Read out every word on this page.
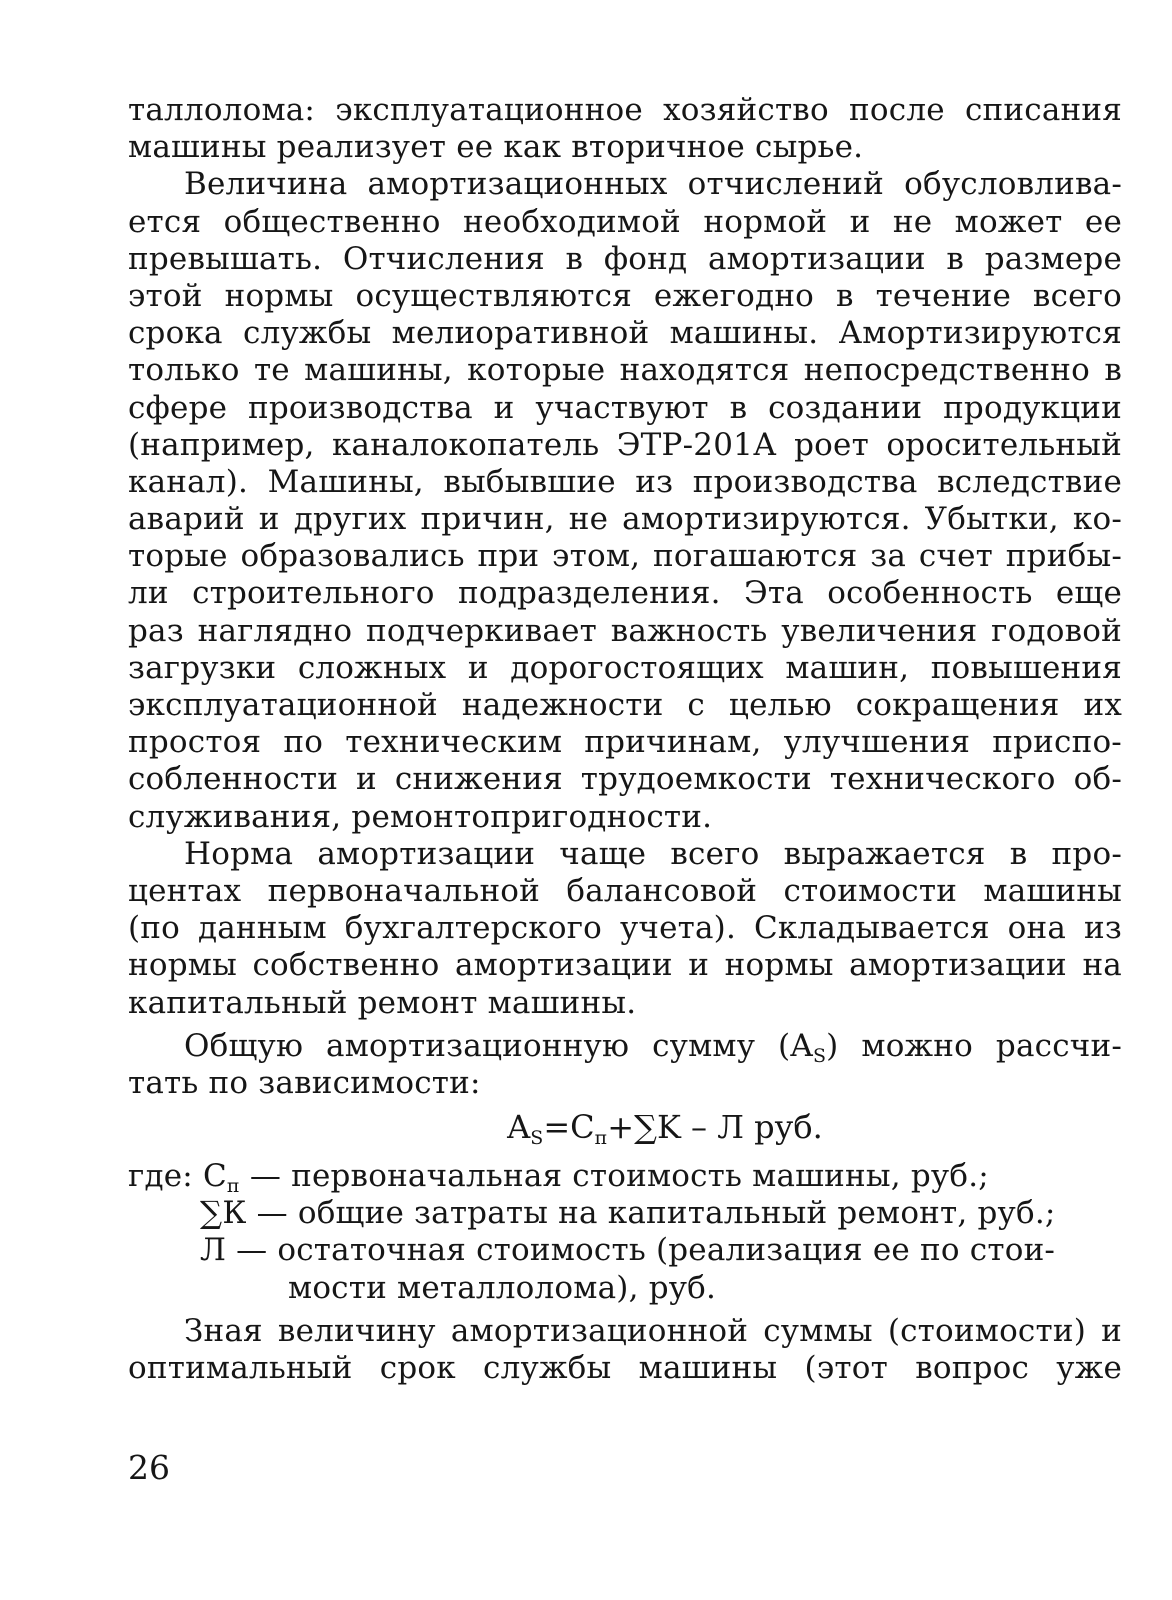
таллолома: эксплуатационное хозяйство после списания
машины реализует ее как вторичное сырье.
Величина амортизационных отчислений обусловлива-
ется общественно необходимой нормой и не может ее
превышать. Отчисления в фонд амортизации в размере
этой нормы осуществляются ежегодно в течение всего
срока службы мелиоративной машины. Амортизируются
только те машины, которые находятся непосредственно в
сфере производства и участвуют в создании продукции
(например, каналокопатель ЭТР-201А роет оросительный
канал). Машины, выбывшие из производства вследствие
аварий и других причин, не амортизируются. Убытки, ко-
торые образовались при этом, погашаются за счет прибы-
ли строительного подразделения. Эта особенность еще
раз наглядно подчеркивает важность увеличения годовой
загрузки сложных и дорогостоящих машин, повышения
эксплуатационной надежности с целью сокращения их
простоя по техническим причинам, улучшения приспо-
собленности и снижения трудоемкости технического об-
служивания, ремонтопригодности.
Норма амортизации чаще всего выражается в про-
центах первоначальной балансовой стоимости машины
(по данным бухгалтерского учета). Складывается она из
нормы собственно амортизации и нормы амортизации на
капитальный ремонт машины.
Общую амортизационную сумму $(A_S)$ можно рассчи-
тать по зависимости:
$A_S=C_п+\sum K - Л$ руб.
где: $С_п$ — первоначальная стоимость машины, руб.;
∑К — общие затраты на капитальный ремонт, руб.;
Л — остаточная стоимость (реализация ее по стои-
мости металлолома), руб.
Зная величину амортизационной суммы (стоимости) и
оптимальный срок службы машины (этот вопрос уже
26
